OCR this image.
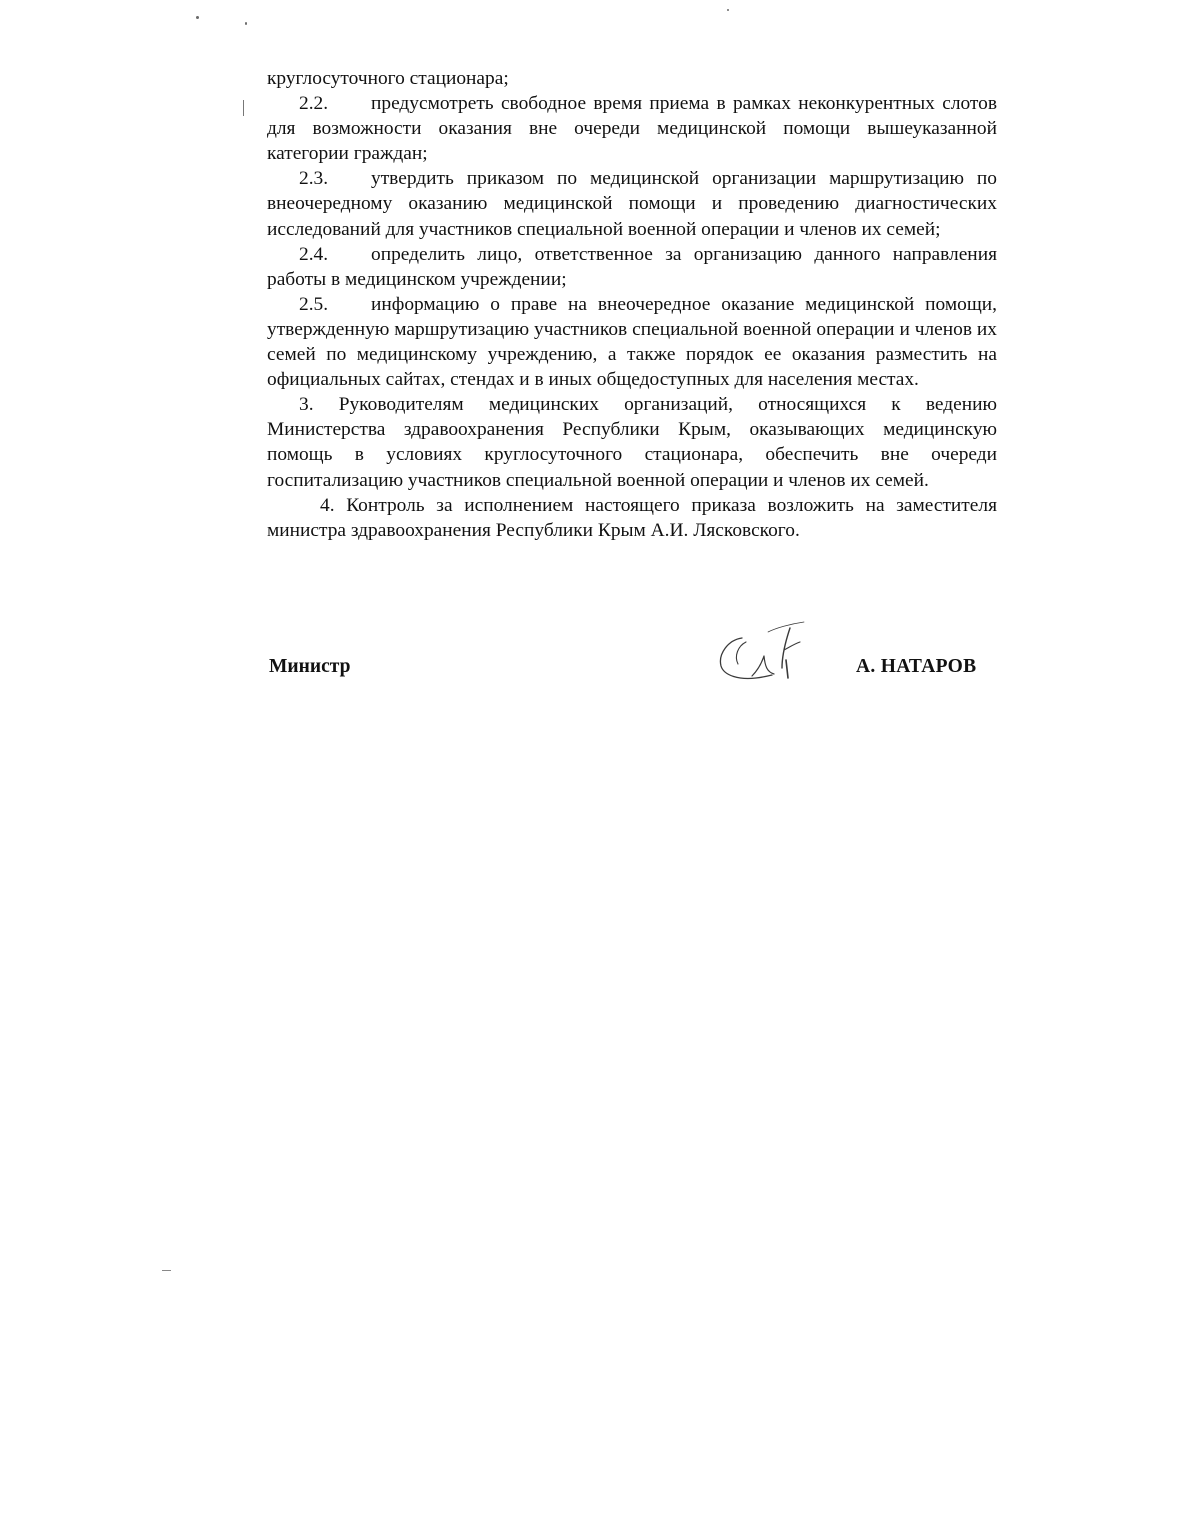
круглосуточного стационара;

2.2. предусмотреть свободное время приема в рамках неконкурентных слотов для возможности оказания вне очереди медицинской помощи вышеуказанной категории граждан;

2.3. утвердить приказом по медицинской организации маршрутизацию по внеочередному оказанию медицинской помощи и проведению диагностических исследований для участников специальной военной операции и членов их семей;

2.4. определить лицо, ответственное за организацию данного направления работы в медицинском учреждении;

2.5. информацию о праве на внеочередное оказание медицинской помощи, утвержденную маршрутизацию участников специальной военной операции и членов их семей по медицинскому учреждению, а также порядок ее оказания разместить на официальных сайтах, стендах и в иных общедоступных для населения местах.

3. Руководителям медицинских организаций, относящихся к ведению Министерства здравоохранения Республики Крым, оказывающих медицинскую помощь в условиях круглосуточного стационара, обеспечить вне очереди госпитализацию участников специальной военной операции и членов их семей.

4. Контроль за исполнением настоящего приказа возложить на заместителя министра здравоохранения Республики Крым А.И. Лясковского.

Министр	А. НАТАРОВ
